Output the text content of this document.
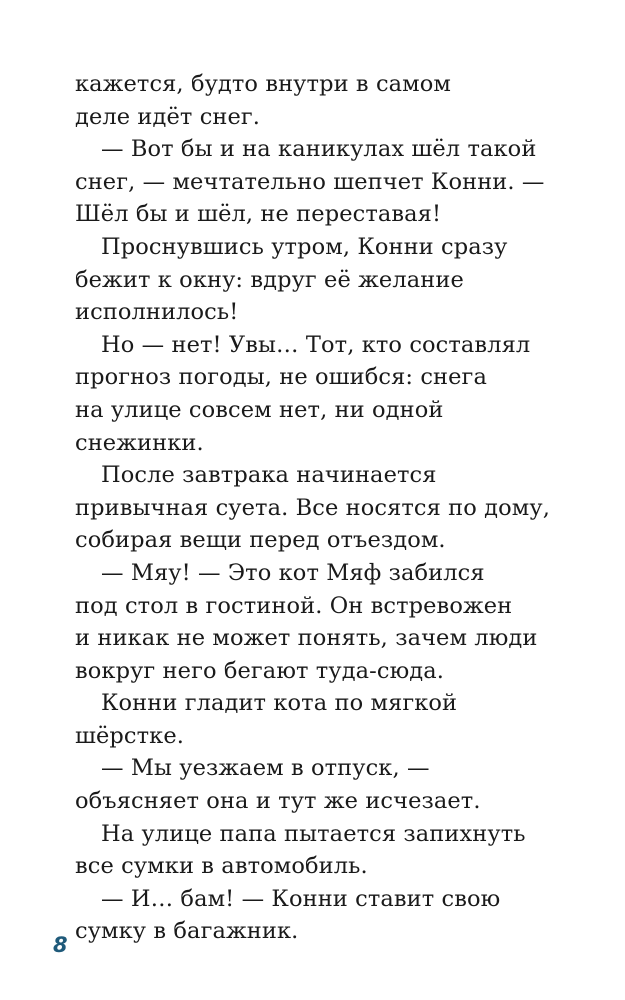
кажется, будто внутри в самом
деле идёт снег.
— Вот бы и на каникулах шёл такой
снег, — мечтательно шепчет Конни. —
Шёл бы и шёл, не переставая!
Проснувшись утром, Конни сразу
бежит к окну: вдруг её желание
исполнилось!
Но — нет! Увы… Тот, кто составлял
прогноз погоды, не ошибся: снега
на улице совсем нет, ни одной
снежинки.
После завтрака начинается
привычная суета. Все носятся по дому,
собирая вещи перед отъездом.
— Мяу! — Это кот Мяф забился
под стол в гостиной. Он встревожен
и никак не может понять, зачем люди
вокруг него бегают туда-сюда.
Конни гладит кота по мягкой
шёрстке.
— Мы уезжаем в отпуск, —
объясняет она и тут же исчезает.
На улице папа пытается запихнуть
все сумки в автомобиль.
— И… бам! — Конни ставит свою
сумку в багажник.
8
